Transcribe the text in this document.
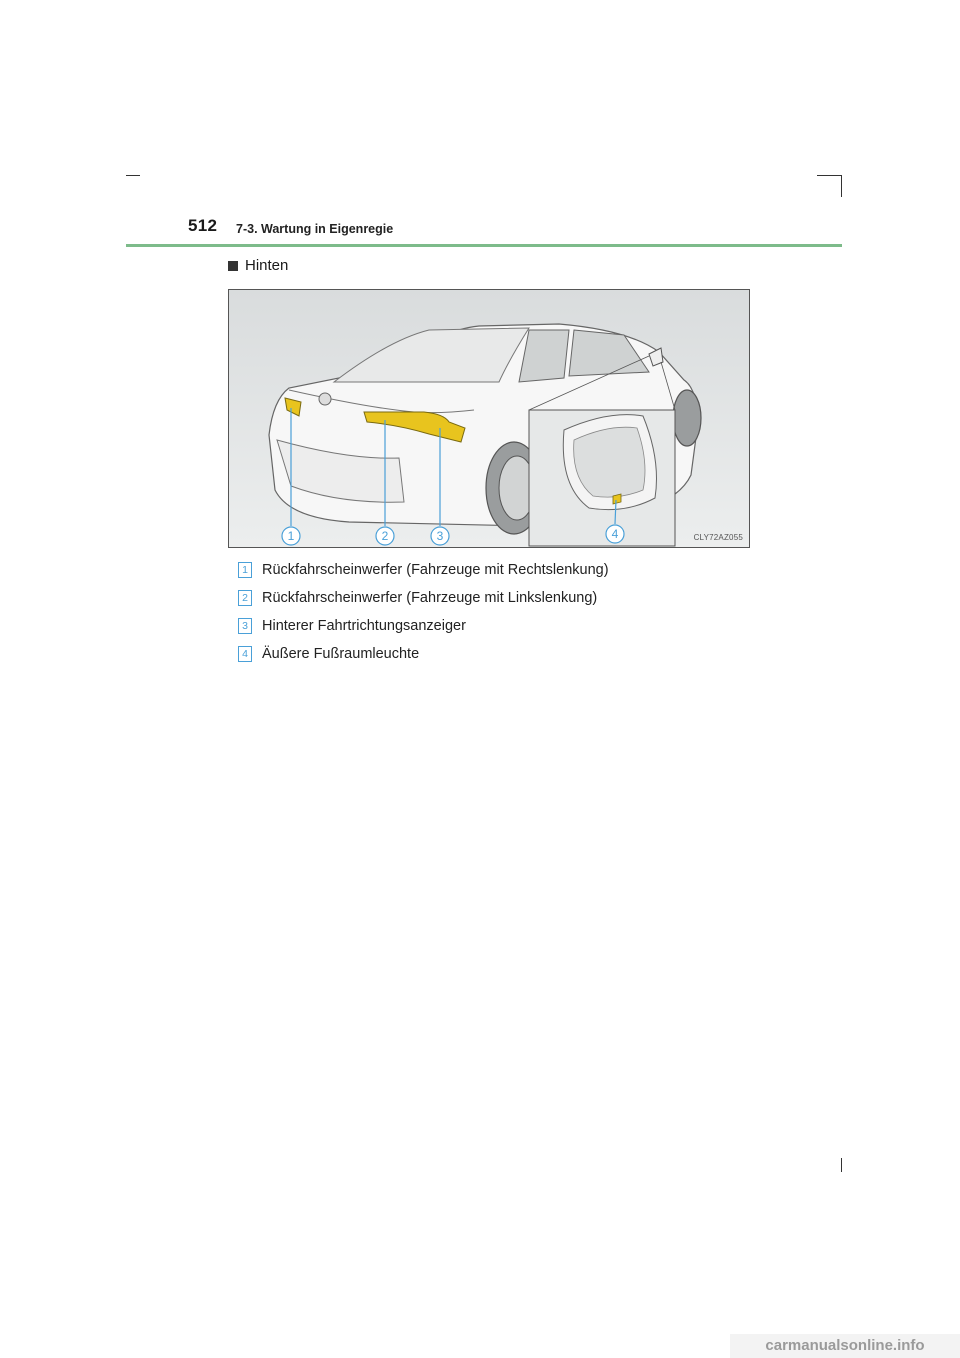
512 7-3. Wartung in Eigenregie
Hinten
1	2	3	4	CLY72AZ055
1 Rückfahrscheinwerfer (Fahrzeuge mit Rechtslenkung)
2 Rückfahrscheinwerfer (Fahrzeuge mit Linkslenkung)
3 Hinterer Fahrtrichtungsanzeiger
4 Äußere Fußraumleuchte
carmanualsonline.info
